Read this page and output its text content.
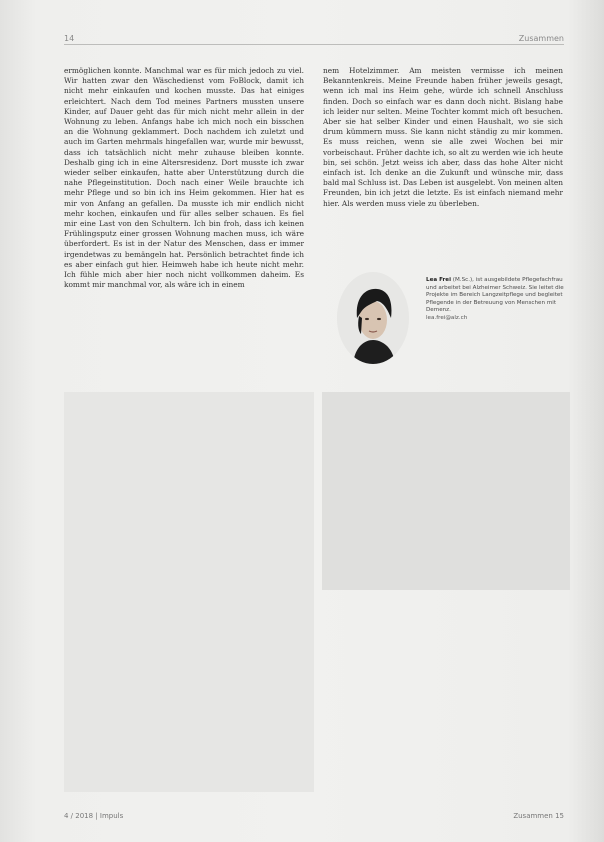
14	Zusammen

ermöglichen konnte. Manchmal war es für mich jedoch zu viel. Wir hatten zwar den Wäschedienst vom FoBlock, damit ich nicht mehr einkaufen und kochen musste. Das hat einiges erleichtert. Nach dem Tod meines Partners mussten unsere Kinder, auf Dauer geht das für mich nicht mehr allein in der Wohnung zu leben. Anfangs habe ich mich noch ein bisschen an die Wohnung geklammert. Doch nachdem ich zuletzt und auch im Garten mehrmals hingefallen war, wurde mir bewusst, dass ich tatsächlich nicht mehr zuhause bleiben konnte. Deshalb ging ich in eine Altersresidenz. Dort musste ich zwar wieder selber einkaufen, hatte aber Unterstützung durch die nahe Pflegeinstitution. Doch nach einer Weile brauchte ich mehr Pflege und so bin ich ins Heim gekommen. Hier hat es mir von Anfang an gefallen. Da musste ich mir endlich nicht mehr kochen, einkaufen und für alles selber schauen. Es fiel mir eine Last von den Schultern. Ich bin froh, dass ich keinen Frühlingsputz einer grossen Wohnung machen muss, ich wäre überfordert. Es ist in der Natur des Menschen, dass er immer irgendetwas zu bemängeln hat. Persönlich betrachtet finde ich es aber einfach gut hier. Heimweh habe ich heute nicht mehr. Ich fühle mich aber hier noch nicht vollkommen daheim. Es kommt mir manchmal vor, als wäre ich in einem

nem Hotelzimmer. Am meisten vermisse ich meinen Bekanntenkreis. Meine Freunde haben früher jeweils gesagt, wenn ich mal ins Heim gehe, würde ich schnell Anschluss finden. Doch so einfach war es dann doch nicht. Bislang habe ich leider nur selten. Meine Tochter kommt mich oft besuchen. Aber sie hat selber Kinder und einen Haushalt, wo sie sich drum kümmern muss. Sie kann nicht ständig zu mir kommen. Es muss reichen, wenn sie alle zwei Wochen bei mir vorbeischaut. Früher dachte ich, so alt zu werden wie ich heute bin, sei schön. Jetzt weiss ich aber, dass das hohe Alter nicht einfach ist. Ich denke an die Zukunft und wünsche mir, dass bald mal Schluss ist. Das Leben ist ausgelebt. Von meinen alten Freunden, bin ich jetzt die letzte. Es ist einfach niemand mehr hier. Als werden muss viele zu überleben.

Lea Frei (M.Sc.), ist ausgebildete Pflegefachfrau und arbeitet bei Alzheimer Schweiz. Sie leitet die Projekte im Bereich Langzeitpflege und begleitet Pflegende in der Betreuung von Menschen mit Demenz.
lea.frei@alz.ch
4 / 2018 | Impuls	Zusammen 15
